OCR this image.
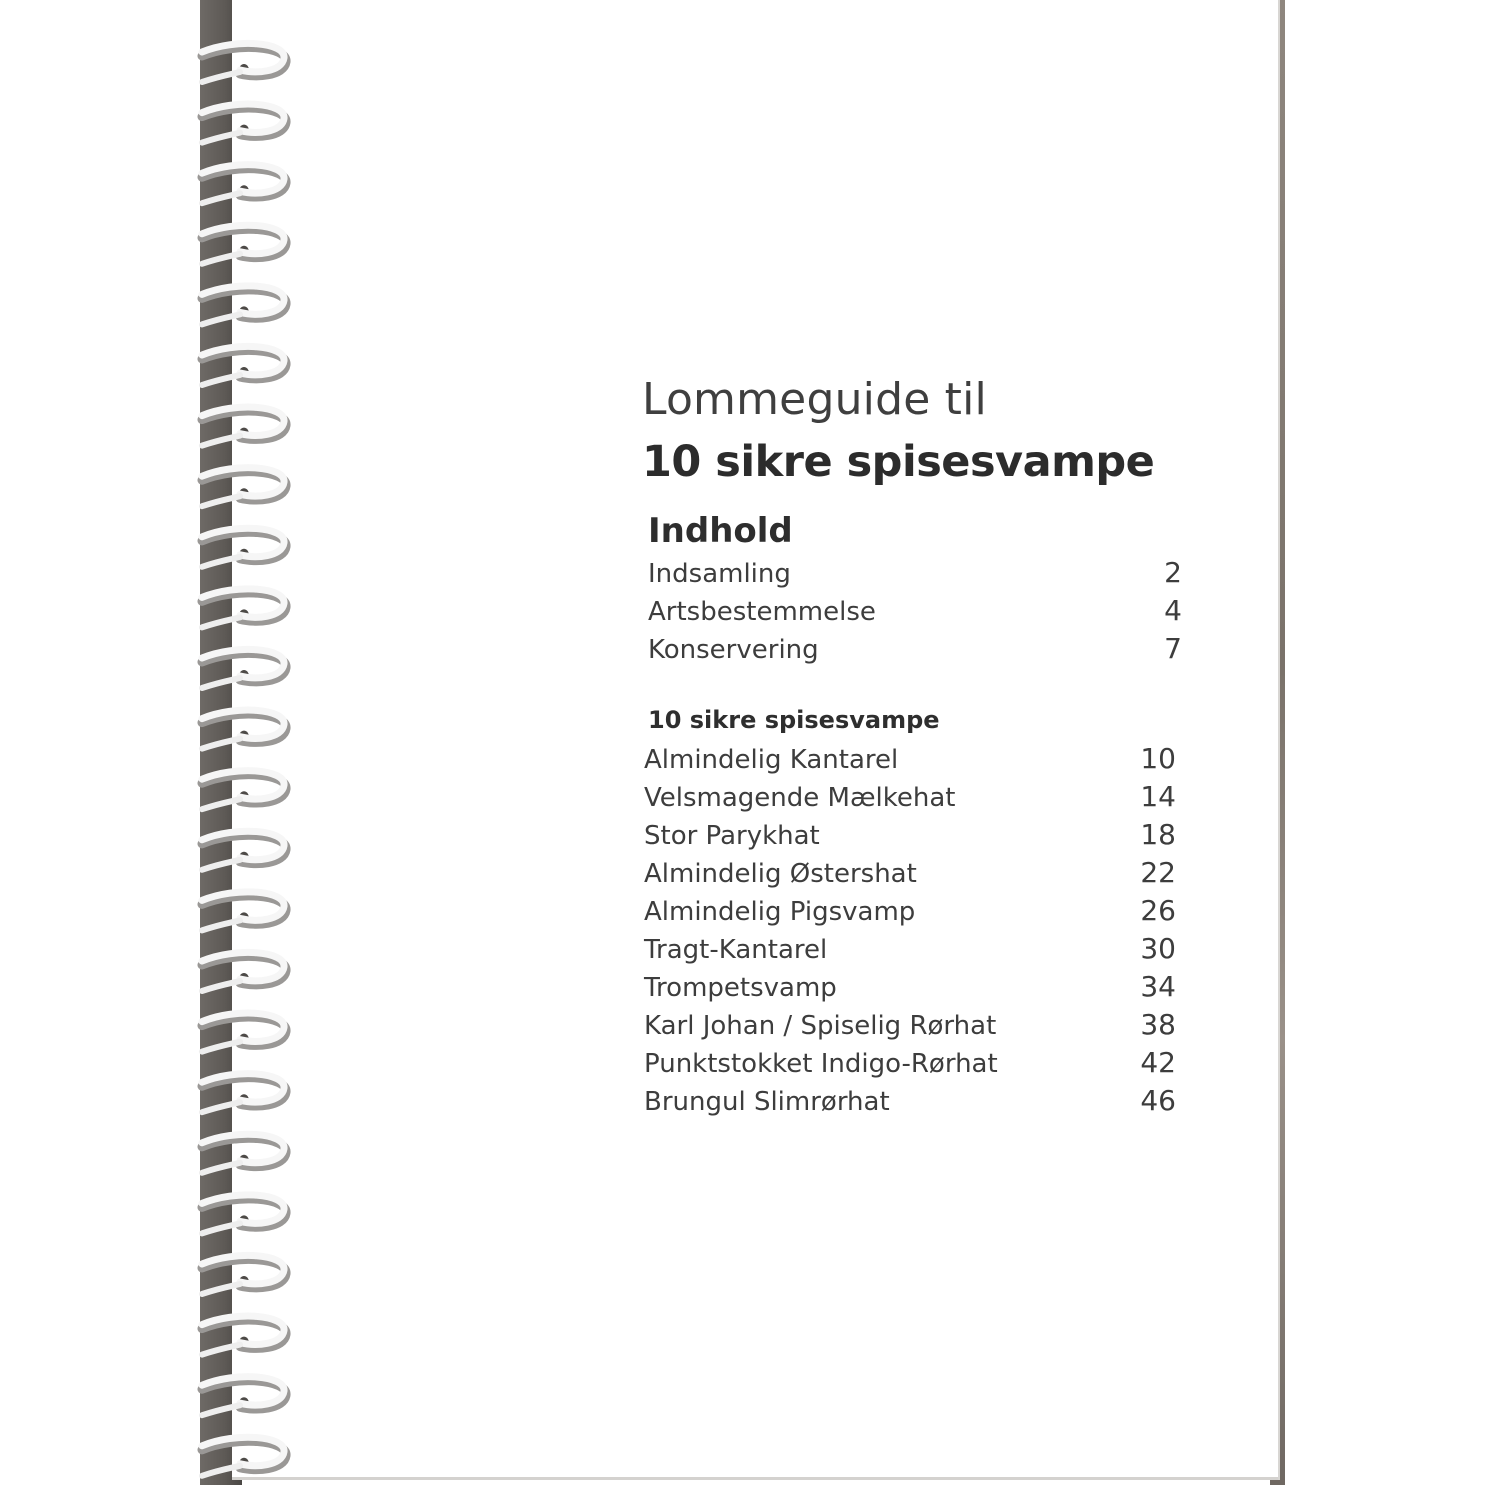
Lommeguide til
10 sikre spisesvampe
Indhold
Indsamling	2
Artsbestemmelse	4
Konservering	7
10 sikre spisesvampe
Almindelig Kantarel	10
Velsmagende Mælkehat	14
Stor Parykhat	18
Almindelig Østershat	22
Almindelig Pigsvamp	26
Tragt-Kantarel	30
Trompetsvamp	34
Karl Johan / Spiselig Rørhat	38
Punktstokket Indigo-Rørhat	42
Brungul Slimrørhat	46
